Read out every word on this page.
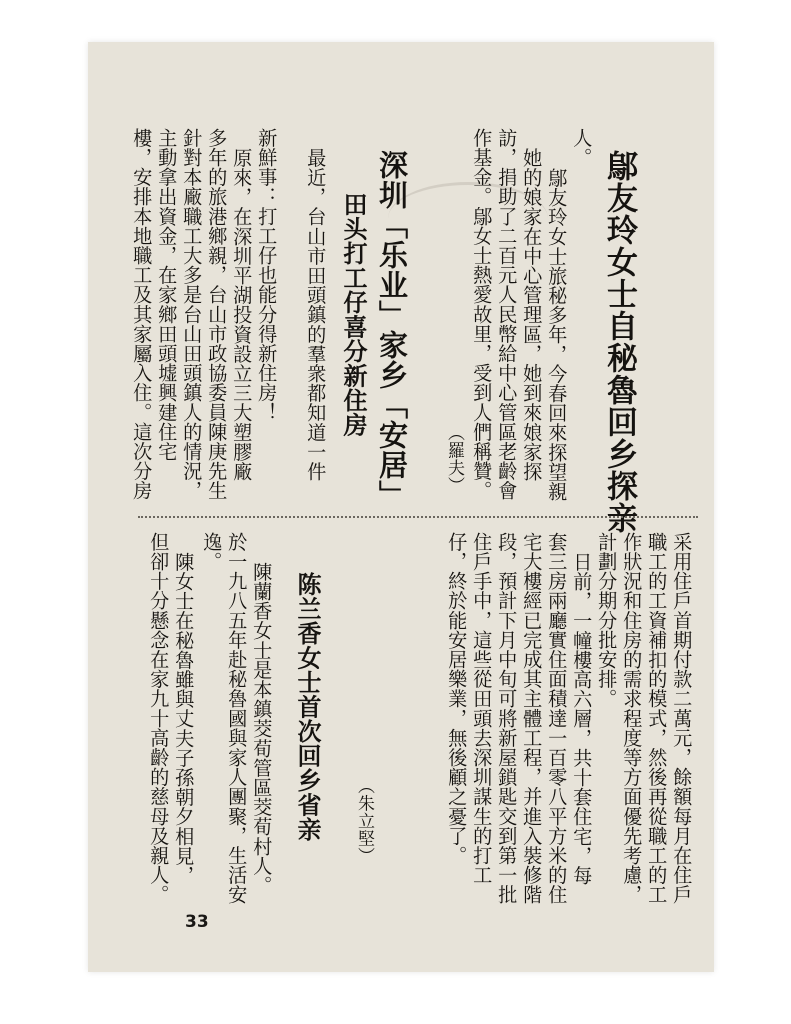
鄔友玲女士自秘魯回乡探亲
人。
鄔友玲女士旅秘多年，今春回來探望親
她的娘家在中心管理區，她到來娘家探
訪，捐助了二百元人民幣給中心管區老齡會
作基金。鄔女士熱愛故里，受到人們稱贊。
（羅夫）
深圳「乐业」家乡「安居」
田头打工仔喜分新住房
最近，台山市田頭鎮的羣衆都知道一件
新鮮事：打工仔也能分得新住房！
原來，在深圳平湖投資設立三大塑膠廠
多年的旅港鄉親，台山市政協委員陳庚先生
針對本廠職工大多是台山田頭鎮人的情況，
主動拿出資金，在家鄉田頭墟興建住宅
樓，安排本地職工及其家屬入住。這次分房
采用住戶首期付款二萬元，餘額每月在住戶
職工的工資補扣的模式，然後再從職工的工
作狀況和住房的需求程度等方面優先考慮，
計劃分期分批安排。
日前，一幢樓高六層，共十套住宅，每
套三房兩廳實住面積達一百零八平方米的住
宅大樓經已完成其主體工程，并進入裝修階
段，預計下月中旬可將新屋鎖匙交到第一批
住戶手中，這些從田頭去深圳謀生的打工
仔，終於能安居樂業，無後顧之憂了。
（朱立堅）
陈兰香女士首次回乡省亲
陳蘭香女士是本鎮茭荀管區茭荀村人。
於一九八五年赴秘魯國與家人團聚，生活安
逸。
陳女士在秘魯雖與丈夫子孫朝夕相見，
但卻十分懸念在家九十高齡的慈母及親人。
33
